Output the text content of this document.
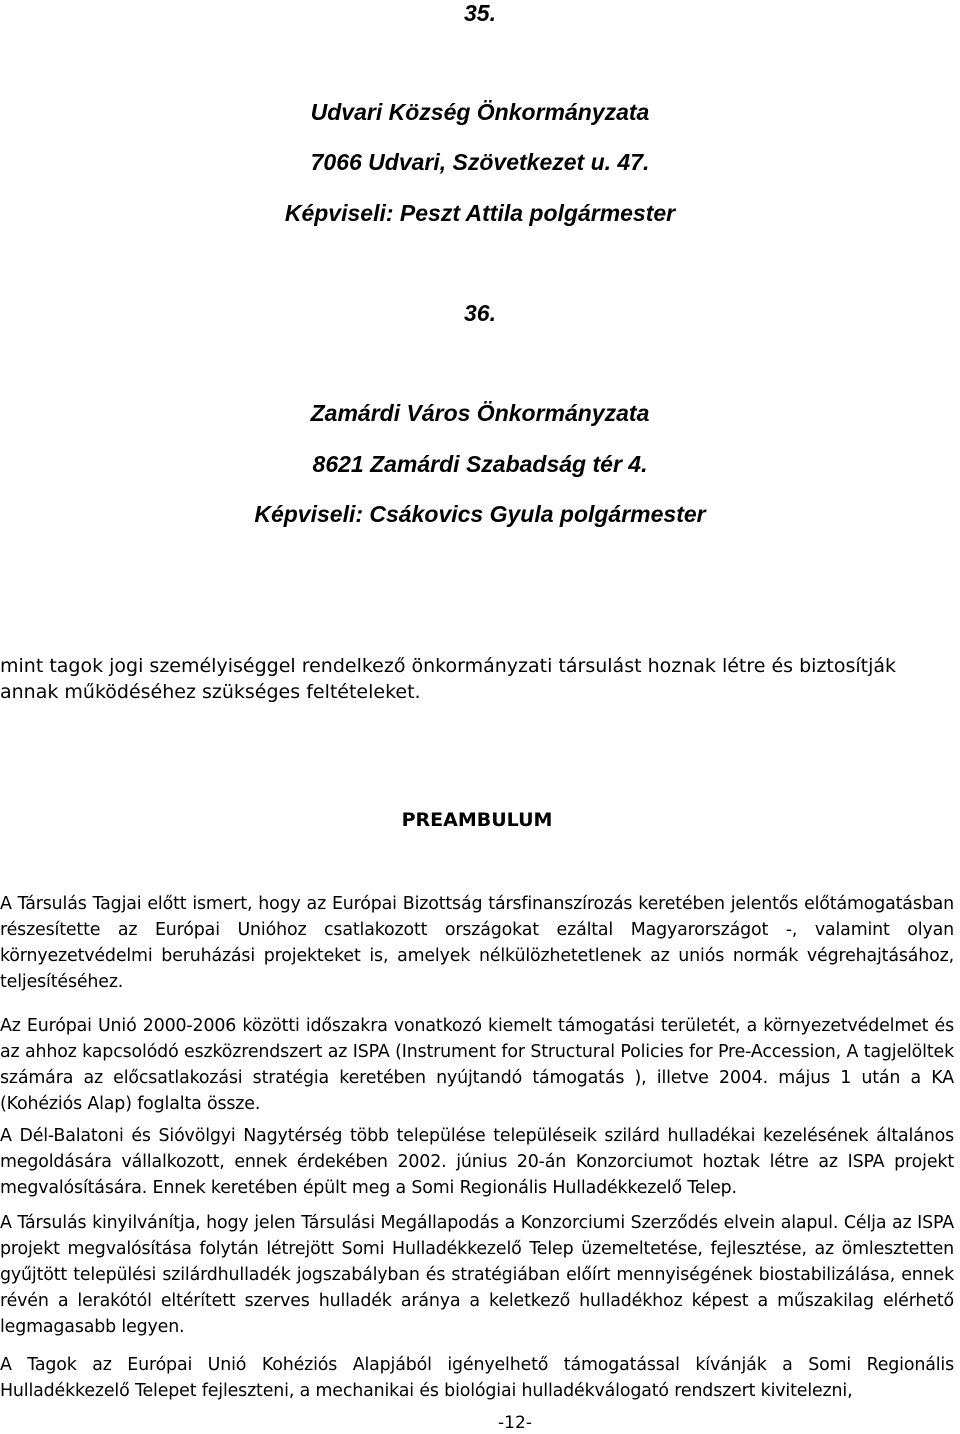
35.

Udvari Község Önkormányzata

7066 Udvari, Szövetkezet u. 47.

Képviseli: Peszt Attila polgármester

36.

Zamárdi Város Önkormányzata

8621 Zamárdi Szabadság tér 4.

Képviseli: Csákovics Gyula polgármester

mint tagok jogi személyiséggel rendelkező önkormányzati társulást hoznak létre és biztosítják annak működéséhez szükséges feltételeket.

PREAMBULUM

A Társulás Tagjai előtt ismert, hogy az Európai Bizottság társfinanszírozás keretében jelentős előtámogatásban részesítette az Európai Unióhoz csatlakozott országokat ezáltal Magyarországot -, valamint olyan környezetvédelmi beruházási projekteket is, amelyek nélkülözhetetlenek az uniós normák végrehajtásához, teljesítéséhez.

Az Európai Unió 2000-2006 közötti időszakra vonatkozó kiemelt támogatási területét, a környezetvédelmet és az ahhoz kapcsolódó eszközrendszert az ISPA (Instrument for Structural Policies for Pre-Accession, A tagjelöltek számára az előcsatlakozási stratégia keretében nyújtandó támogatás ), illetve 2004. május 1 után a KA (Kohéziós Alap) foglalta össze.

A Dél-Balatoni és Sióvölgyi Nagytérség több települése településeik szilárd hulladékai kezelésének általános megoldására vállalkozott, ennek érdekében 2002. június 20-án Konzorciumot hoztak létre az ISPA projekt megvalósítására. Ennek keretében épült meg a Somi Regionális Hulladékkezelő Telep.

A Társulás kinyilvánítja, hogy jelen Társulási Megállapodás a Konzorciumi Szerződés elvein alapul. Célja az ISPA projekt megvalósítása folytán létrejött Somi Hulladékkezelő Telep üzemeltetése, fejlesztése, az ömlesztetten gyűjtött települési szilárdhulladék jogszabályban és stratégiában előírt mennyiségének biostabilizálása, ennek révén a lerakótól eltérített szerves hulladék aránya a keletkező hulladékhoz képest a műszakilag elérhető legmagasabb legyen.

A Tagok az Európai Unió Kohéziós Alapjából igényelhető támogatással kívánják a Somi Regionális Hulladékkezelő Telepet fejleszteni, a mechanikai és biológiai hulladékválogató rendszert kivitelezni,

-12-
